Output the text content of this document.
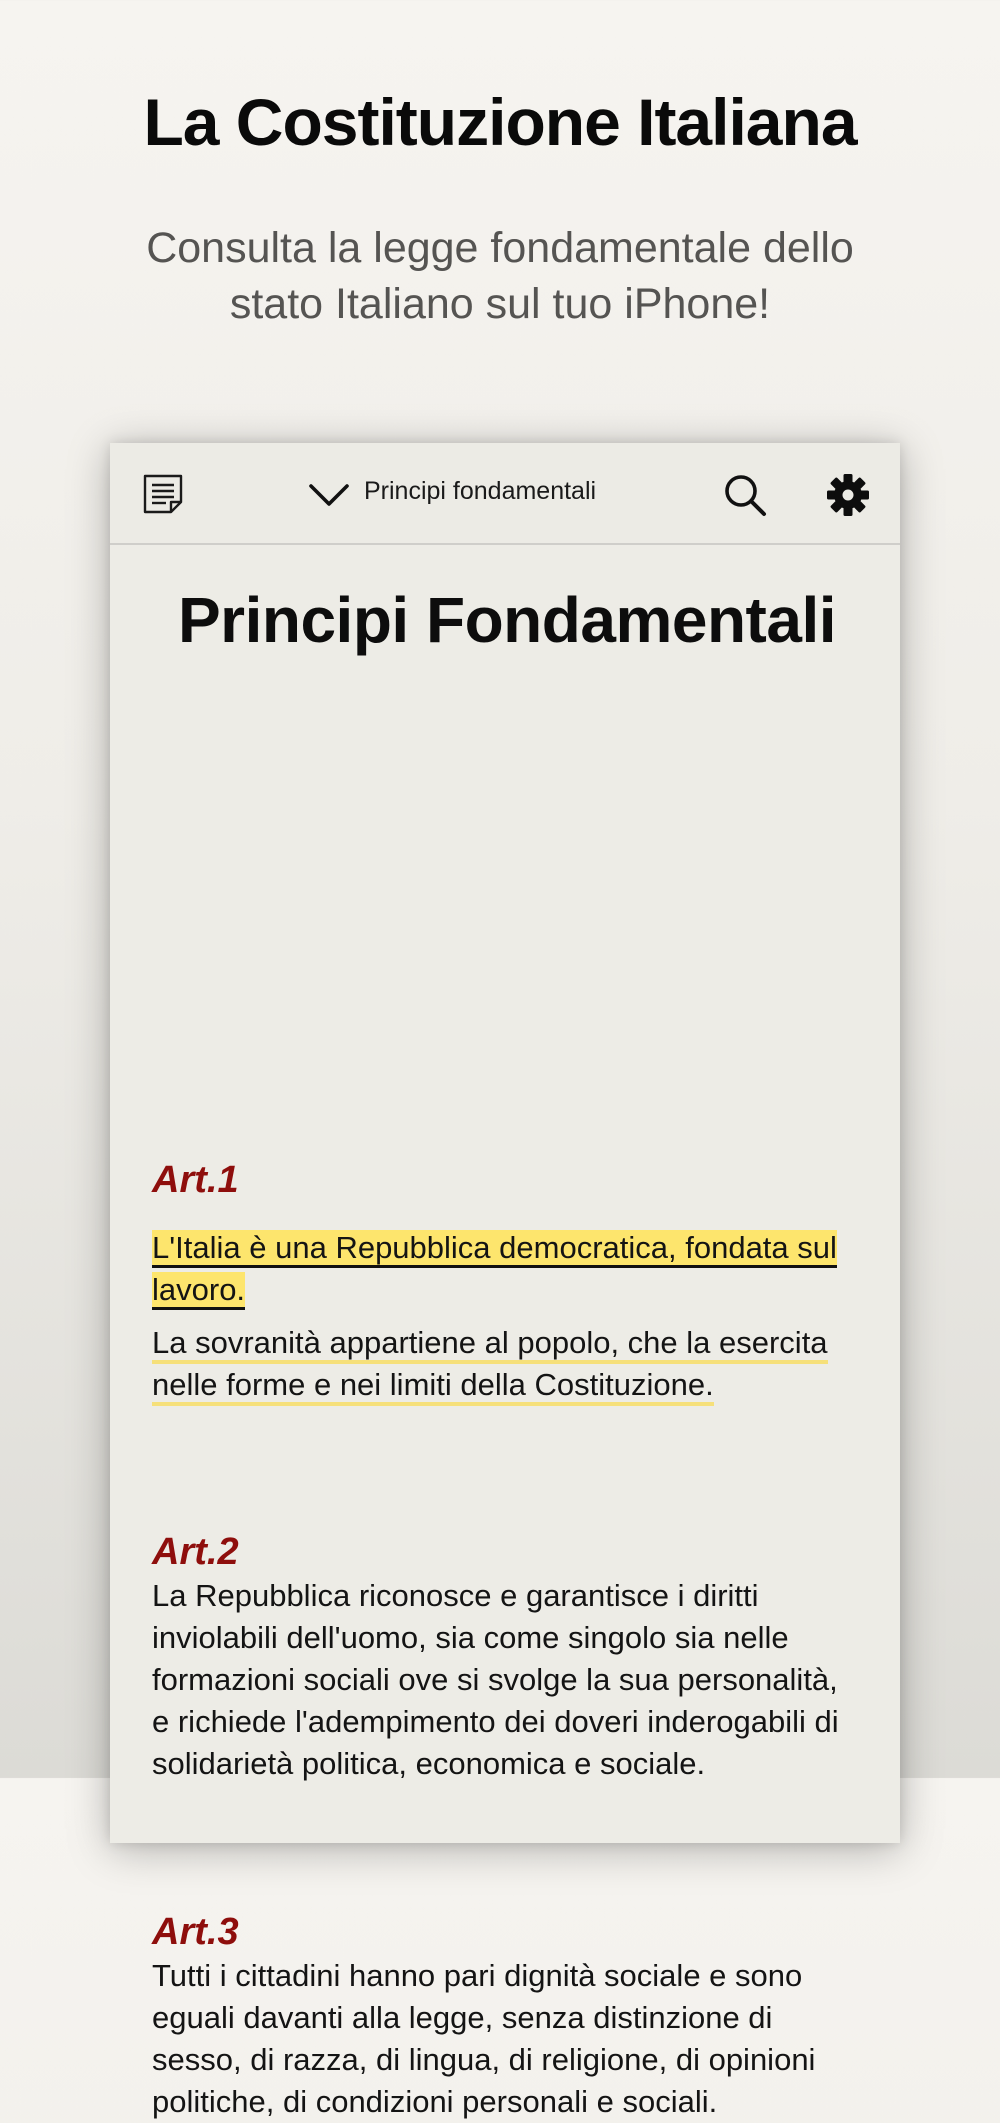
La Costituzione Italiana

Consulta la legge fondamentale dello stato Italiano sul tuo iPhone!

Principi fondamentali
Principi Fondamentali
Art.1

L'Italia è una Repubblica democratica, fondata sul lavoro.

La sovranità appartiene al popolo, che la esercita nelle forme e nei limiti della Costituzione.

Art.2

La Repubblica riconosce e garantisce i diritti inviolabili dell'uomo, sia come singolo sia nelle formazioni sociali ove si svolge la sua personalità, e richiede l'adempimento dei doveri inderogabili di solidarietà politica, economica e sociale.

Art.3

Tutti i cittadini hanno pari dignità sociale e sono eguali davanti alla legge, senza distinzione di sesso, di razza, di lingua, di religione, di opinioni politiche, di condizioni personali e sociali.
